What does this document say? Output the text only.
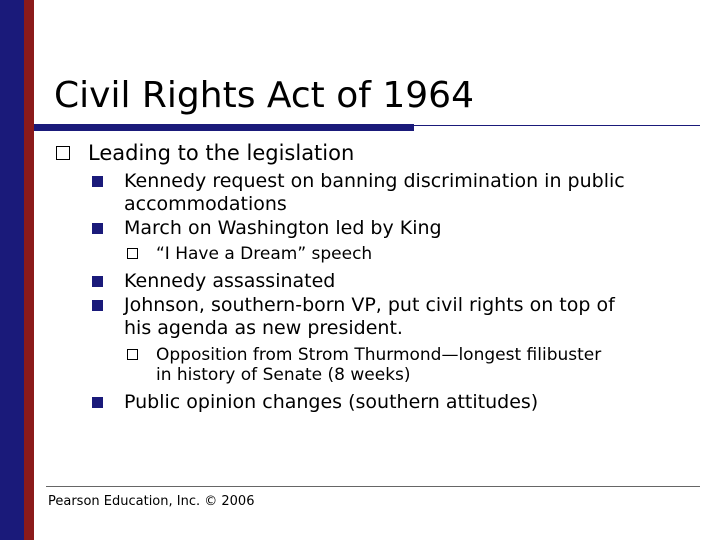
Civil Rights Act of 1964
Leading to the legislation
Kennedy request on banning discrimination in public
accommodations
March on Washington led by King
“I Have a Dream” speech
Kennedy assassinated
Johnson, southern-born VP, put civil rights on top of
his agenda as new president.
Opposition from Strom Thurmond—longest filibuster
in history of Senate (8 weeks)
Public opinion changes (southern attitudes)
Pearson Education, Inc. © 2006
